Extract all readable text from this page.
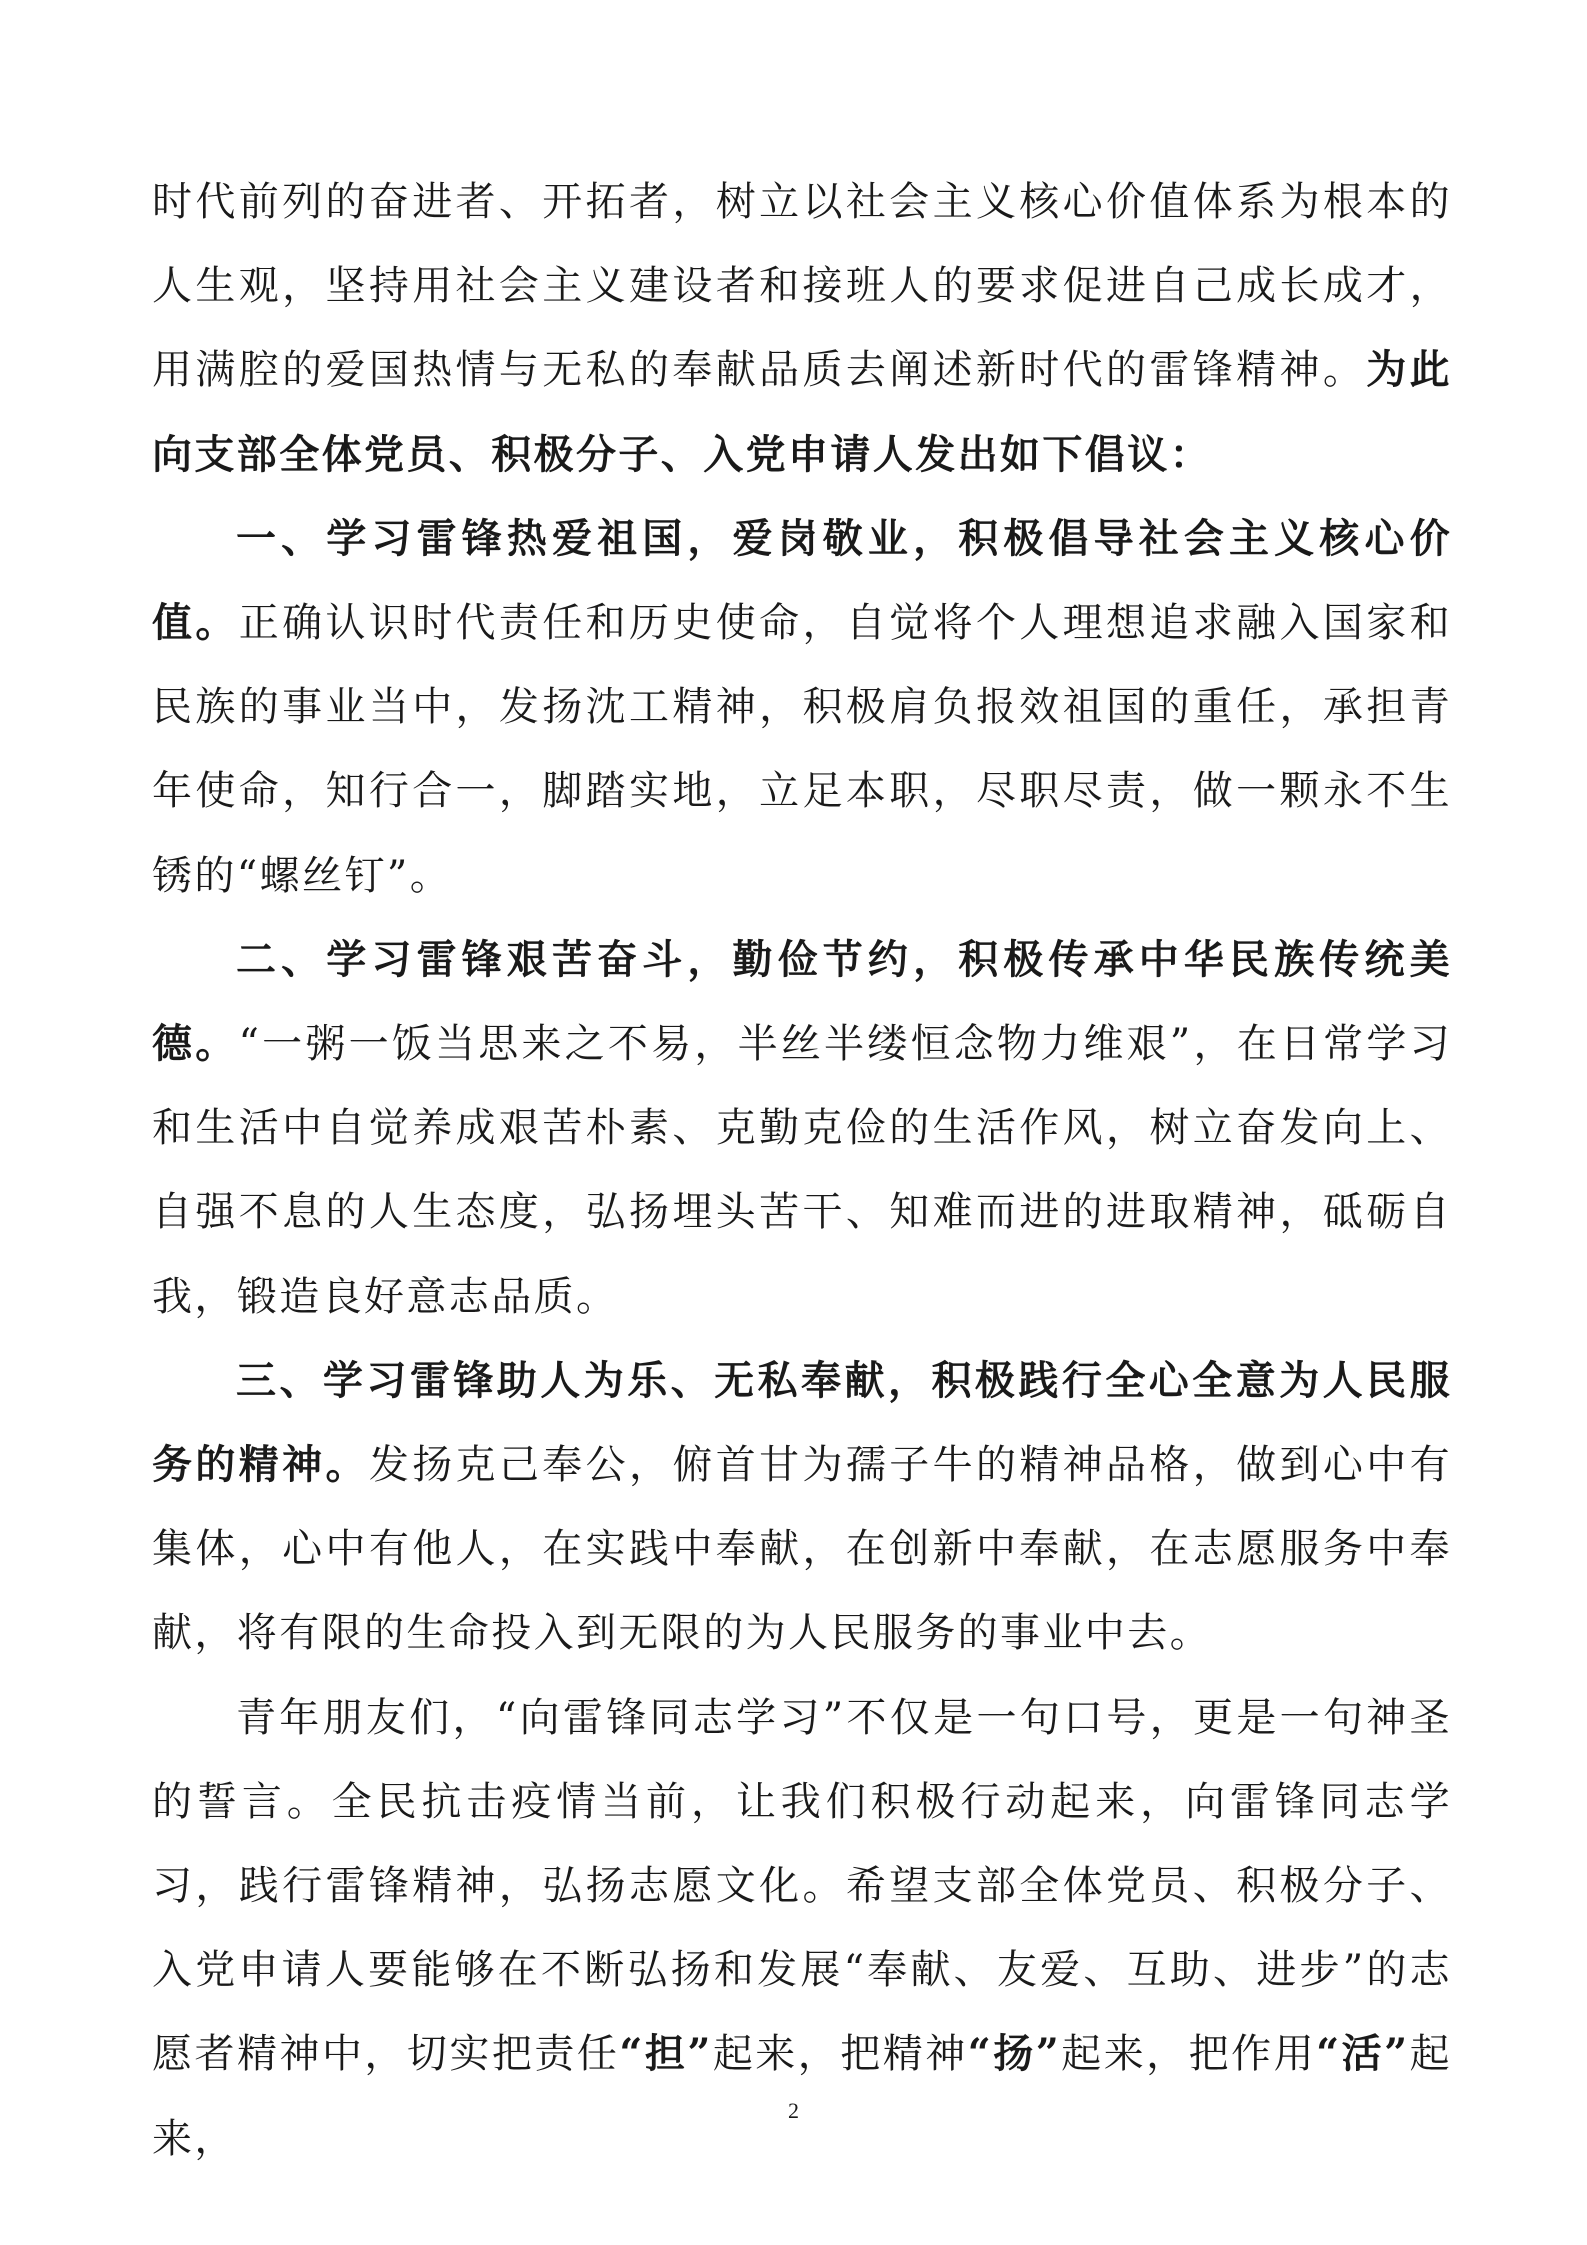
时代前列的奋进者、开拓者，树立以社会主义核心价值体系为根本的人生观，坚持用社会主义建设者和接班人的要求促进自己成长成才，用满腔的爱国热情与无私的奉献品质去阐述新时代的雷锋精神。为此向支部全体党员、积极分子、入党申请人发出如下倡议：

一、学习雷锋热爱祖国，爱岗敬业，积极倡导社会主义核心价值。正确认识时代责任和历史使命，自觉将个人理想追求融入国家和民族的事业当中，发扬沈工精神，积极肩负报效祖国的重任，承担青年使命，知行合一，脚踏实地，立足本职，尽职尽责，做一颗永不生锈的“螺丝钉”。

二、学习雷锋艰苦奋斗，勤俭节约，积极传承中华民族传统美德。“一粥一饭当思来之不易，半丝半缕恒念物力维艰”，在日常学习和生活中自觉养成艰苦朴素、克勤克俭的生活作风，树立奋发向上、自强不息的人生态度，弘扬埋头苦干、知难而进的进取精神，砥砺自我，锻造良好意志品质。

三、学习雷锋助人为乐、无私奉献，积极践行全心全意为人民服务的精神。发扬克己奉公，俯首甘为孺子牛的精神品格，做到心中有集体，心中有他人，在实践中奉献，在创新中奉献，在志愿服务中奉献，将有限的生命投入到无限的为人民服务的事业中去。

青年朋友们，“向雷锋同志学习”不仅是一句口号，更是一句神圣的誓言。全民抗击疫情当前，让我们积极行动起来，向雷锋同志学习，践行雷锋精神，弘扬志愿文化。希望支部全体党员、积极分子、入党申请人要能够在不断弘扬和发展“奉献、友爱、互助、进步”的志愿者精神中，切实把责任“担”起来，把精神“扬”起来，把作用“活”起来，

2
